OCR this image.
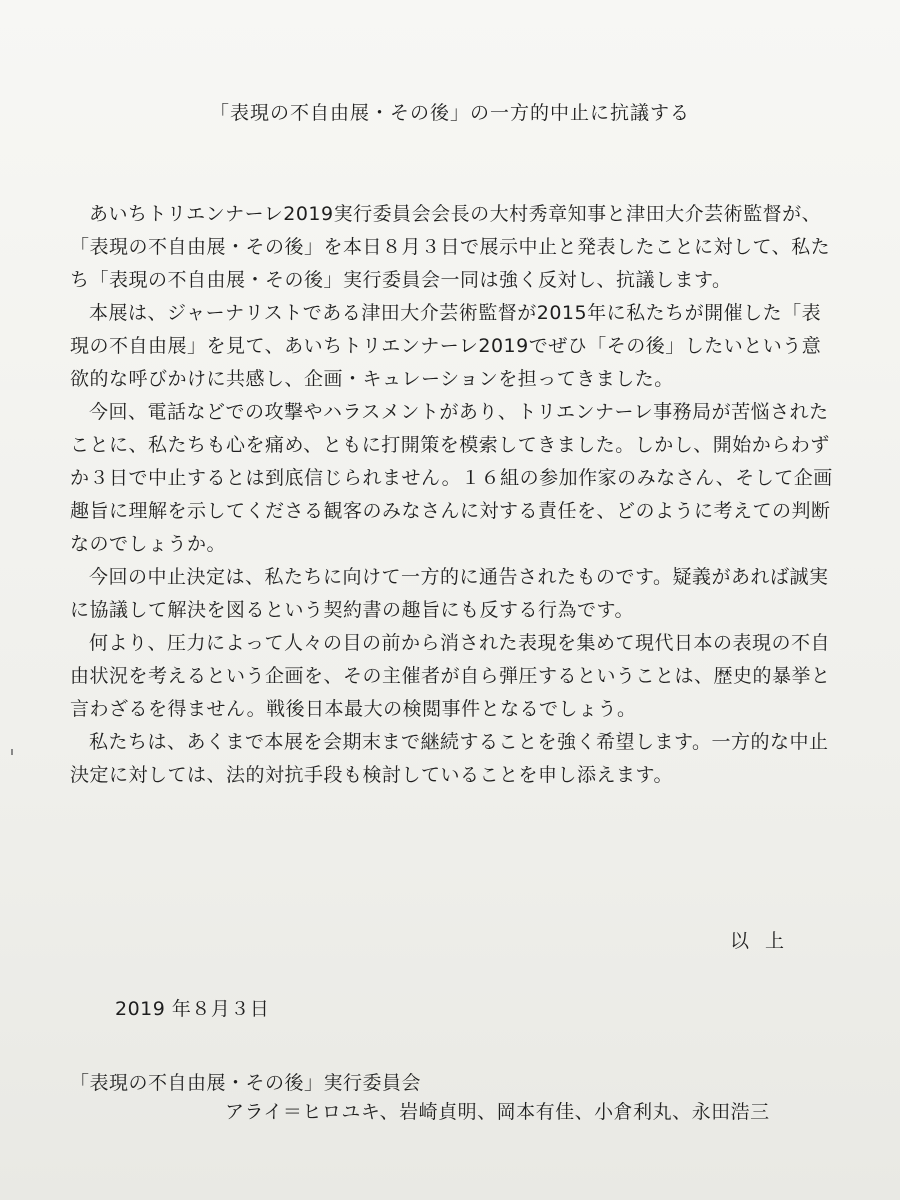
「表現の不自由展・その後」の一方的中止に抗議する

あいちトリエンナーレ2019実行委員会会長の大村秀章知事と津田大介芸術監督が、「表現の不自由展・その後」を本日８月３日で展示中止と発表したことに対して、私たち「表現の不自由展・その後」実行委員会一同は強く反対し、抗議します。

本展は、ジャーナリストである津田大介芸術監督が2015年に私たちが開催した「表現の不自由展」を見て、あいちトリエンナーレ2019でぜひ「その後」したいという意欲的な呼びかけに共感し、企画・キュレーションを担ってきました。

今回、電話などでの攻撃やハラスメントがあり、トリエンナーレ事務局が苦悩されたことに、私たちも心を痛め、ともに打開策を模索してきました。しかし、開始からわずか３日で中止するとは到底信じられません。１６組の参加作家のみなさん、そして企画趣旨に理解を示してくださる観客のみなさんに対する責任を、どのように考えての判断なのでしょうか。

今回の中止決定は、私たちに向けて一方的に通告されたものです。疑義があれば誠実に協議して解決を図るという契約書の趣旨にも反する行為です。

何より、圧力によって人々の目の前から消された表現を集めて現代日本の表現の不自由状況を考えるという企画を、その主催者が自ら弾圧するということは、歴史的暴挙と言わざるを得ません。戦後日本最大の検閲事件となるでしょう。

私たちは、あくまで本展を会期末まで継続することを強く希望します。一方的な中止決定に対しては、法的対抗手段も検討していることを申し添えます。

以上
2019 年８月３日
「表現の不自由展・その後」実行委員会
アライ＝ヒロユキ、岩崎貞明、岡本有佳、小倉利丸、永田浩三
